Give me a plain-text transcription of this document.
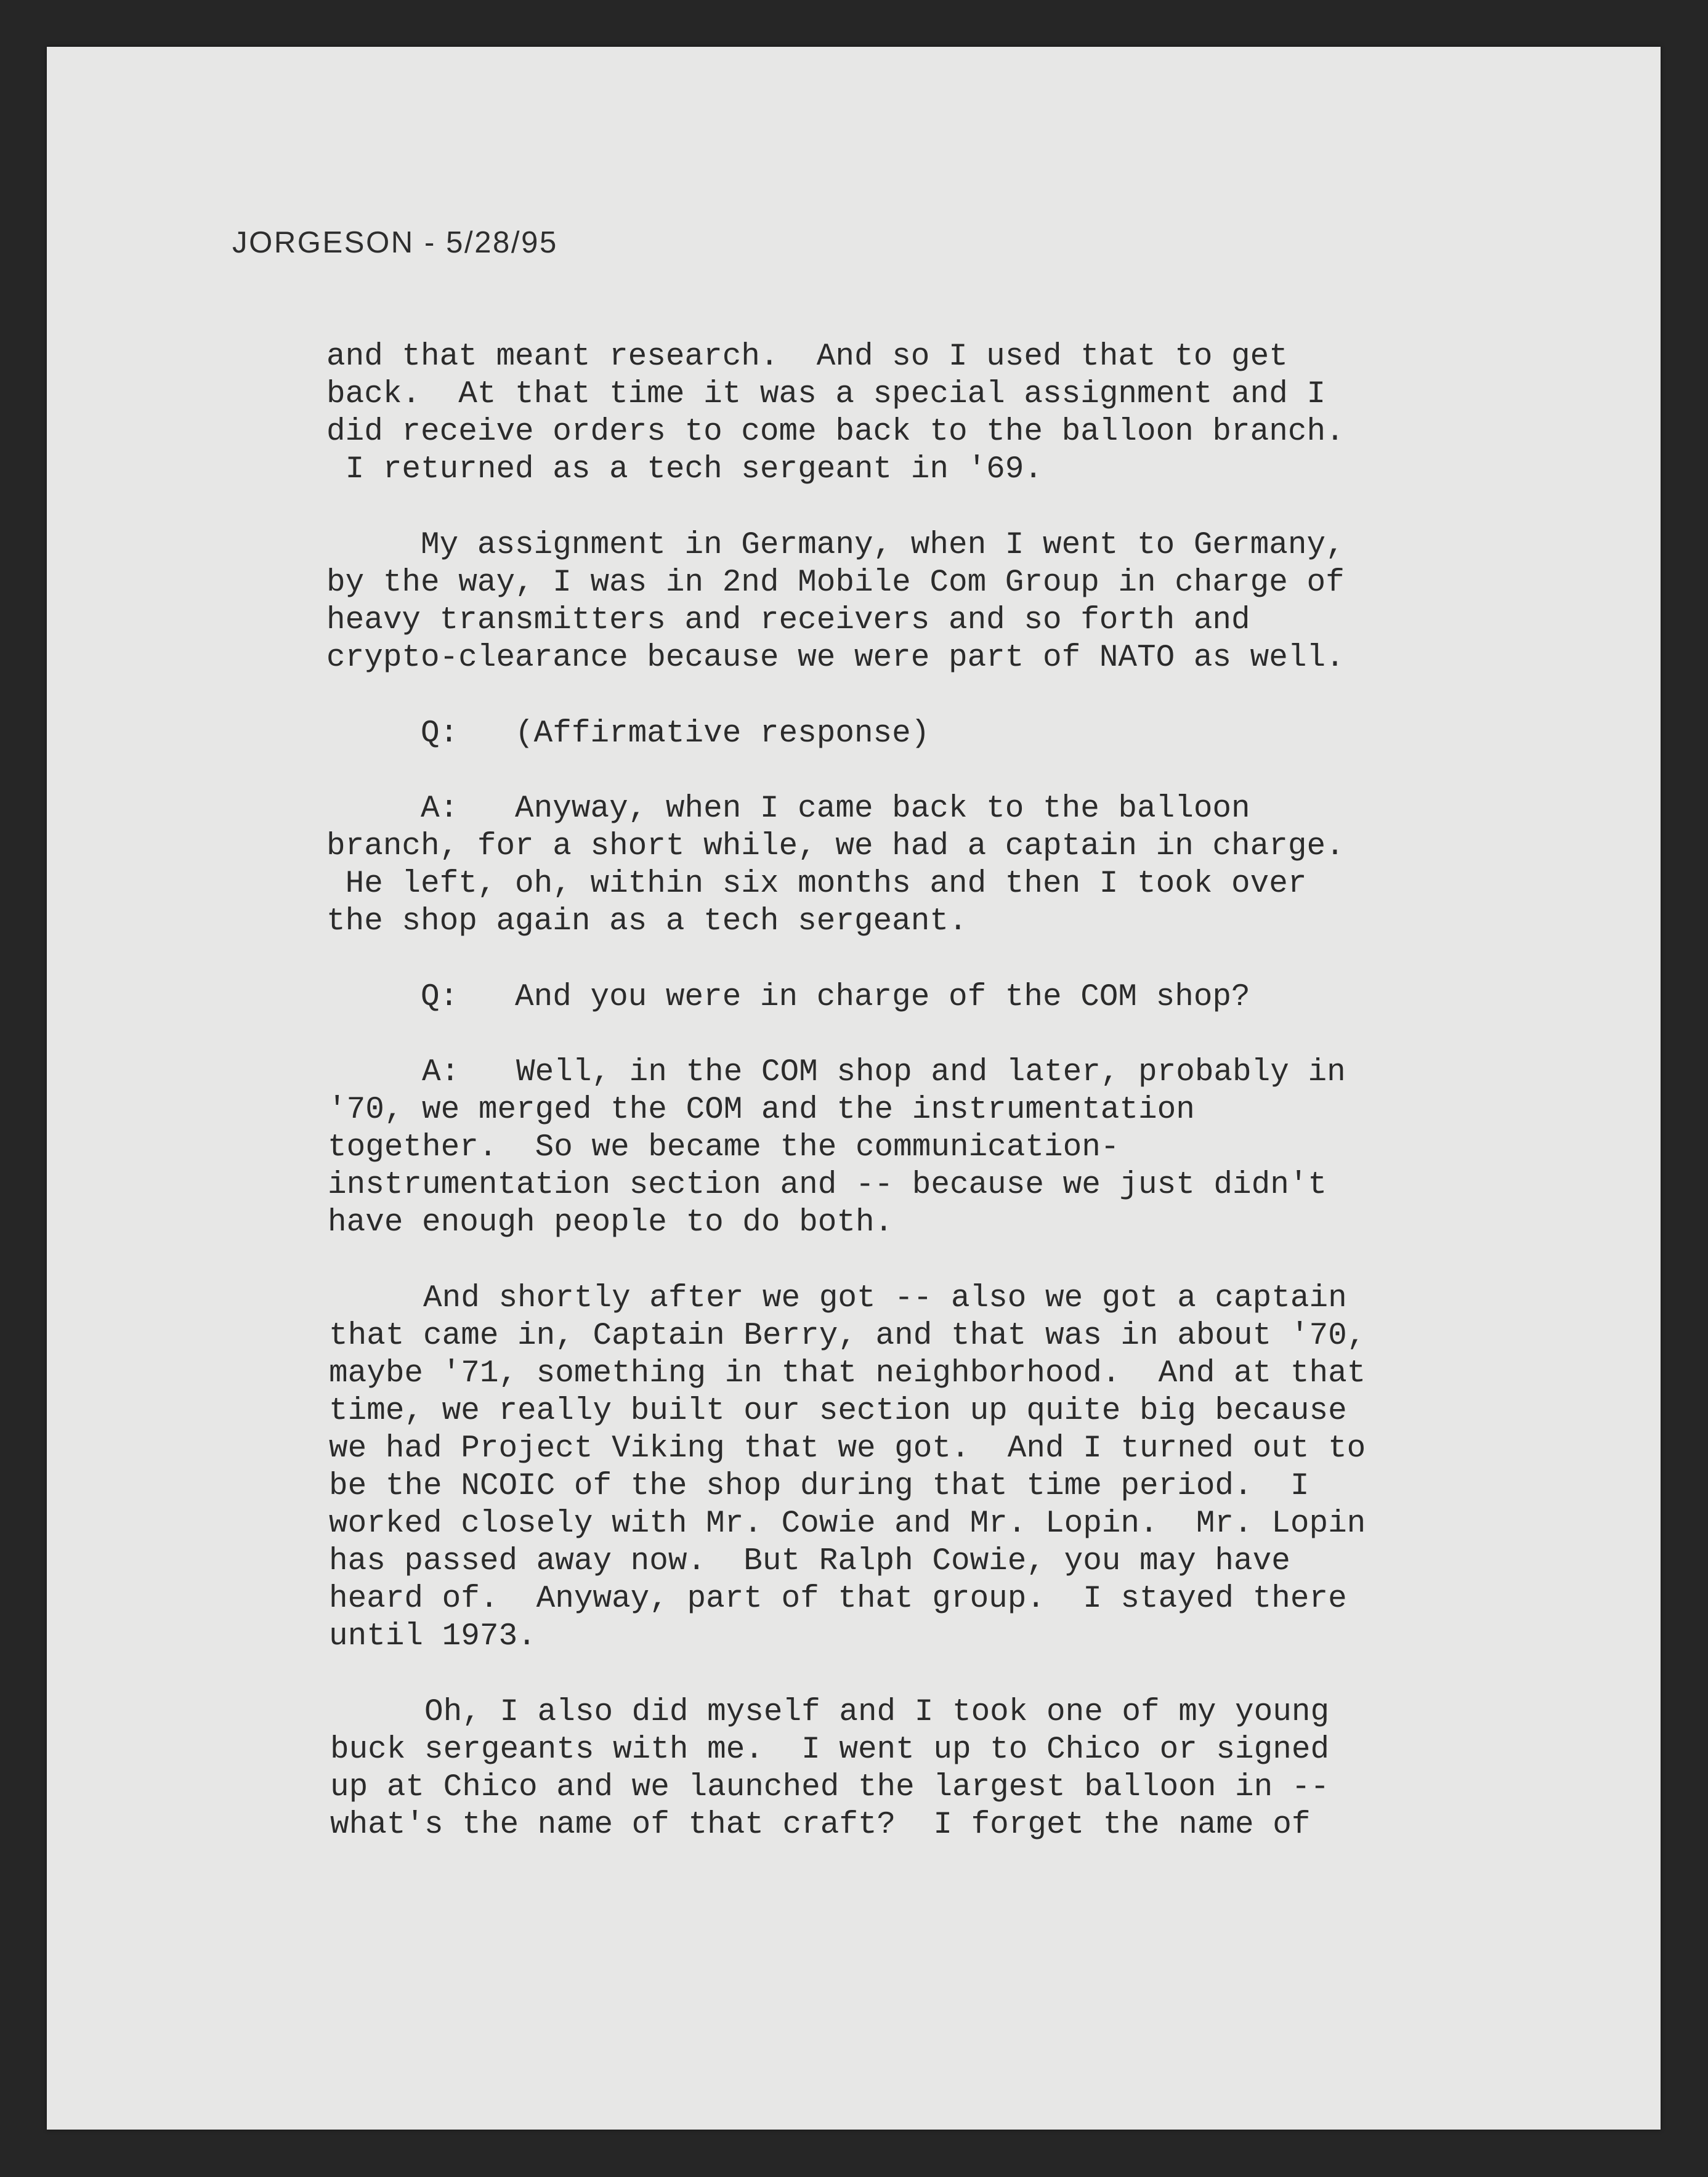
JORGESON - 5/28/95
and that meant research.  And so I used that to get
back.  At that time it was a special assignment and I
did receive orders to come back to the balloon branch.
I returned as a tech sergeant in '69.
My assignment in Germany, when I went to Germany,
by the way, I was in 2nd Mobile Com Group in charge of
heavy transmitters and receivers and so forth and
crypto-clearance because we were part of NATO as well.
Q:   (Affirmative response)
A:   Anyway, when I came back to the balloon
branch, for a short while, we had a captain in charge.
He left, oh, within six months and then I took over
the shop again as a tech sergeant.
Q:   And you were in charge of the COM shop?
A:   Well, in the COM shop and later, probably in
'70, we merged the COM and the instrumentation
together.  So we became the communication-
instrumentation section and -- because we just didn't
have enough people to do both.
And shortly after we got -- also we got a captain
that came in, Captain Berry, and that was in about '70,
maybe '71, something in that neighborhood.  And at that
time, we really built our section up quite big because
we had Project Viking that we got.  And I turned out to
be the NCOIC of the shop during that time period.  I
worked closely with Mr. Cowie and Mr. Lopin.  Mr. Lopin
has passed away now.  But Ralph Cowie, you may have
heard of.  Anyway, part of that group.  I stayed there
until 1973.
Oh, I also did myself and I took one of my young
buck sergeants with me.  I went up to Chico or signed
up at Chico and we launched the largest balloon in --
what's the name of that craft?  I forget the name of
